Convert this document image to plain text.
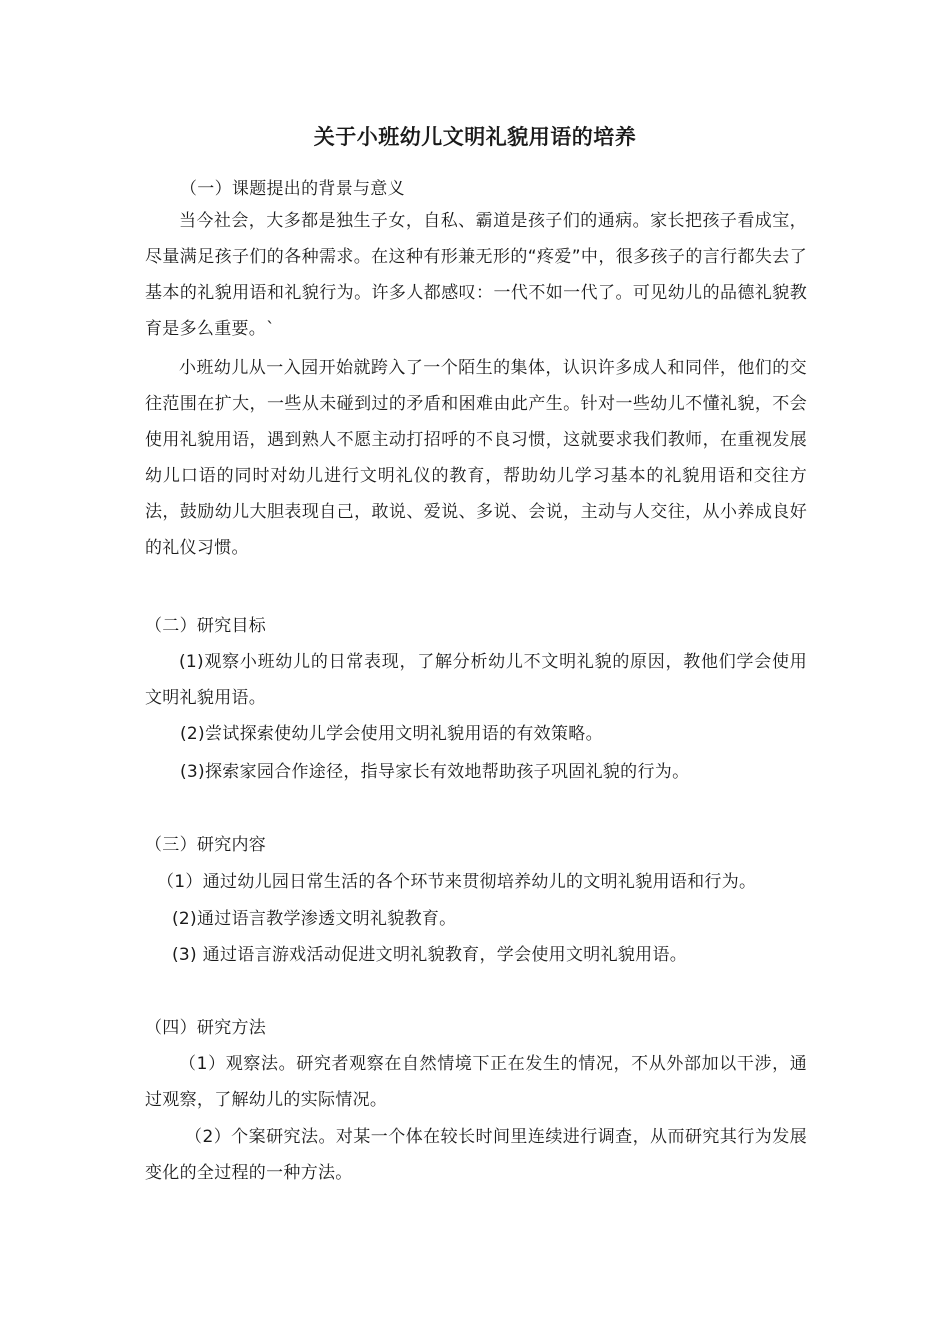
关于小班幼儿文明礼貌用语的培养
（一）课题提出的背景与意义
当今社会，大多都是独生子女，自私、霸道是孩子们的通病。家长把孩子看成宝，尽量满足孩子们的各种需求。在这种有形兼无形的“疼爱”中，很多孩子的言行都失去了基本的礼貌用语和礼貌行为。许多人都感叹：一代不如一代了。可见幼儿的品德礼貌教育是多么重要。`
小班幼儿从一入园开始就跨入了一个陌生的集体，认识许多成人和同伴，他们的交往范围在扩大，一些从未碰到过的矛盾和困难由此产生。针对一些幼儿不懂礼貌，不会使用礼貌用语，遇到熟人不愿主动打招呼的不良习惯，这就要求我们教师，在重视发展幼儿口语的同时对幼儿进行文明礼仪的教育，帮助幼儿学习基本的礼貌用语和交往方法，鼓励幼儿大胆表现自己，敢说、爱说、多说、会说，主动与人交往，从小养成良好的礼仪习惯。
（二）研究目标
(1)观察小班幼儿的日常表现，了解分析幼儿不文明礼貌的原因，教他们学会使用文明礼貌用语。
(2)尝试探索使幼儿学会使用文明礼貌用语的有效策略。
(3)探索家园合作途径，指导家长有效地帮助孩子巩固礼貌的行为。
（三）研究内容
（1）通过幼儿园日常生活的各个环节来贯彻培养幼儿的文明礼貌用语和行为。
(2)通过语言教学渗透文明礼貌教育。
(3) 通过语言游戏活动促进文明礼貌教育，学会使用文明礼貌用语。
（四）研究方法
（1）观察法。研究者观察在自然情境下正在发生的情况，不从外部加以干涉，通过观察，了解幼儿的实际情况。
（2）个案研究法。对某一个体在较长时间里连续进行调查，从而研究其行为发展变化的全过程的一种方法。
